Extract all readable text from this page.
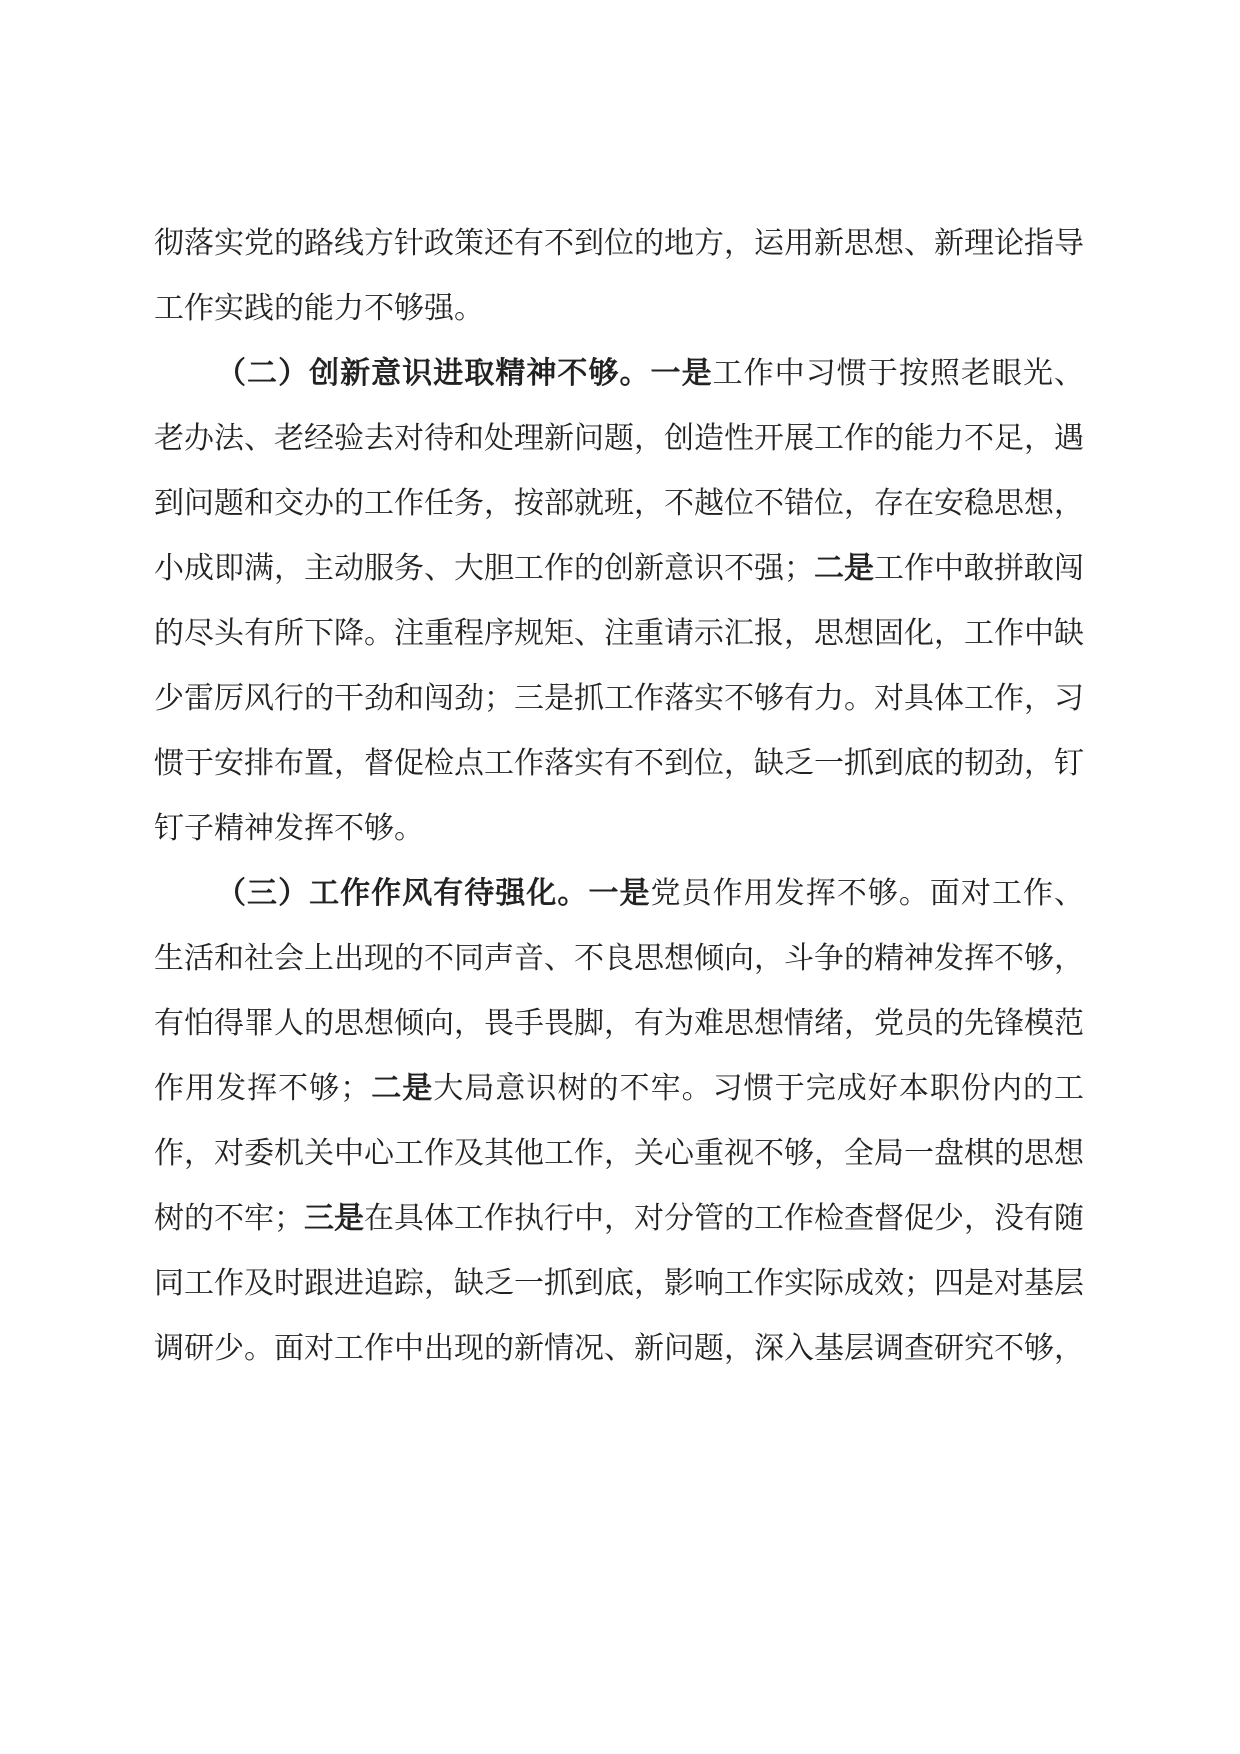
彻落实党的路线方针政策还有不到位的地方，运用新思想、新理论指导工作实践的能力不够强。

（二）创新意识进取精神不够。一是工作中习惯于按照老眼光、老办法、老经验去对待和处理新问题，创造性开展工作的能力不足，遇到问题和交办的工作任务，按部就班，不越位不错位，存在安稳思想，小成即满，主动服务、大胆工作的创新意识不强；二是工作中敢拼敢闯的尽头有所下降。注重程序规矩、注重请示汇报，思想固化，工作中缺少雷厉风行的干劲和闯劲；三是抓工作落实不够有力。对具体工作，习惯于安排布置，督促检点工作落实有不到位，缺乏一抓到底的韧劲，钉钉子精神发挥不够。

（三）工作作风有待强化。一是党员作用发挥不够。面对工作、生活和社会上出现的不同声音、不良思想倾向，斗争的精神发挥不够，有怕得罪人的思想倾向，畏手畏脚，有为难思想情绪，党员的先锋模范作用发挥不够；二是大局意识树的不牢。习惯于完成好本职份内的工作，对委机关中心工作及其他工作，关心重视不够，全局一盘棋的思想树的不牢；三是在具体工作执行中，对分管的工作检查督促少，没有随同工作及时跟进追踪，缺乏一抓到底，影响工作实际成效；四是对基层调研少。面对工作中出现的新情况、新问题，深入基层调查研究不够，
